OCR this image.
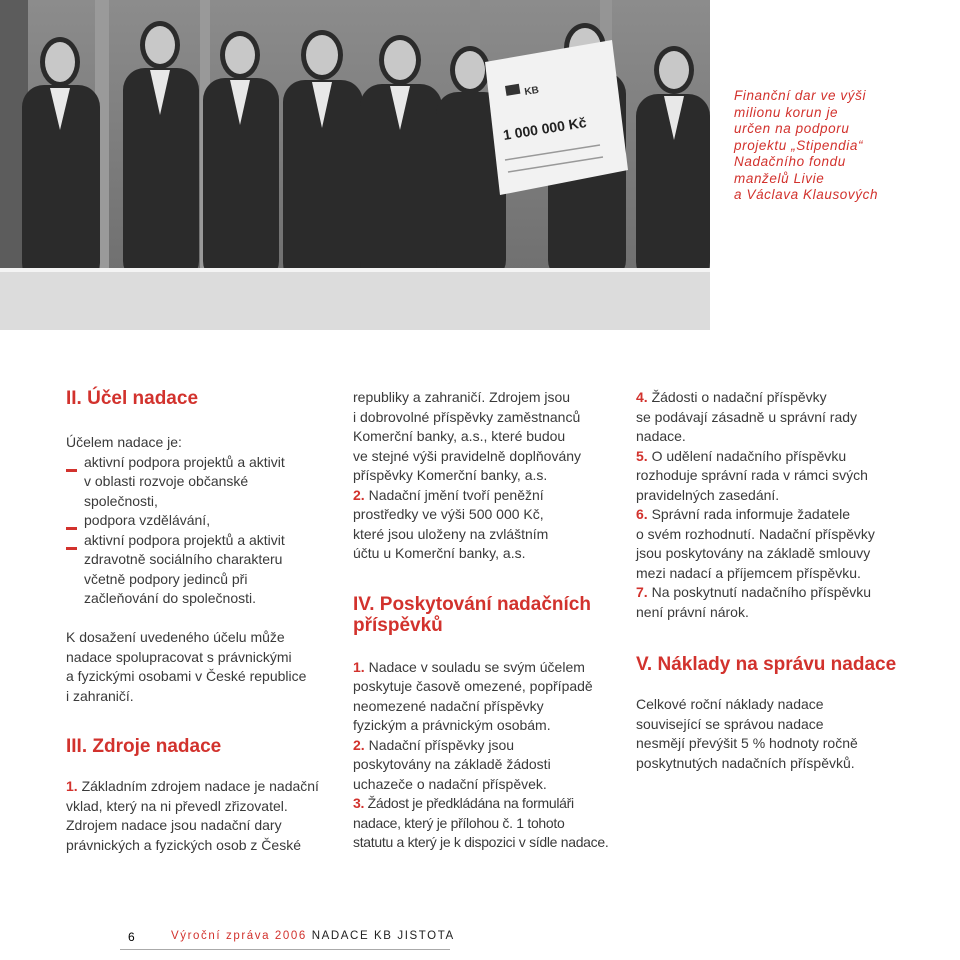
KB
1 000 000 Kč
Finanční dar ve výši
milionu korun je
určen na podporu
projektu „Stipendia“
Nadačního fondu
manželů Livie
a Václava Klausových
II. Účel nadace
Účelem nadace je:
aktivní podpora projektů a aktivit
v oblasti rozvoje občanské
společnosti,
podpora vzdělávání,
aktivní podpora projektů a aktivit
zdravotně sociálního charakteru
včetně podpory jedinců při
začleňování do společnosti.
K dosažení uvedeného účelu může
nadace spolupracovat s právnickými
a fyzickými osobami v České republice
i zahraničí.
III. Zdroje nadace
1. Základním zdrojem nadace je nadační
vklad, který na ni převedl zřizovatel.
Zdrojem nadace jsou nadační dary
právnických a fyzických osob z České
republiky a zahraničí. Zdrojem jsou
i dobrovolné příspěvky zaměstnanců
Komerční banky, a.s., které budou
ve stejné výši pravidelně doplňovány
příspěvky Komerční banky, a.s.
2. Nadační jmění tvoří peněžní
prostředky ve výši 500 000 Kč,
které jsou uloženy na zvláštním
účtu u Komerční banky, a.s.
IV. Poskytování nadačních
příspěvků
1. Nadace v souladu se svým účelem
poskytuje časově omezené, popřípadě
neomezené nadační příspěvky
fyzickým a právnickým osobám.
2. Nadační příspěvky jsou
poskytovány na základě žádosti
uchazeče o nadační příspěvek.
3. Žádost je předkládána na formuláři
nadace, který je přílohou č. 1 tohoto
statutu a který je k dispozici v sídle nadace.
4. Žádosti o nadační příspěvky
se podávají zásadně u správní rady
nadace.
5. O udělení nadačního příspěvku
rozhoduje správní rada v rámci svých
pravidelných zasedání.
6. Správní rada informuje žadatele
o svém rozhodnutí. Nadační příspěvky
jsou poskytovány na základě smlouvy
mezi nadací a příjemcem příspěvku.
7. Na poskytnutí nadačního příspěvku
není právní nárok.
V. Náklady na správu nadace
Celkové roční náklady nadace
související se správou nadace
nesmějí převýšit 5 % hodnoty ročně
poskytnutých nadačních příspěvků.
6	Výroční zpráva 2006 NADACE KB JISTOTA
